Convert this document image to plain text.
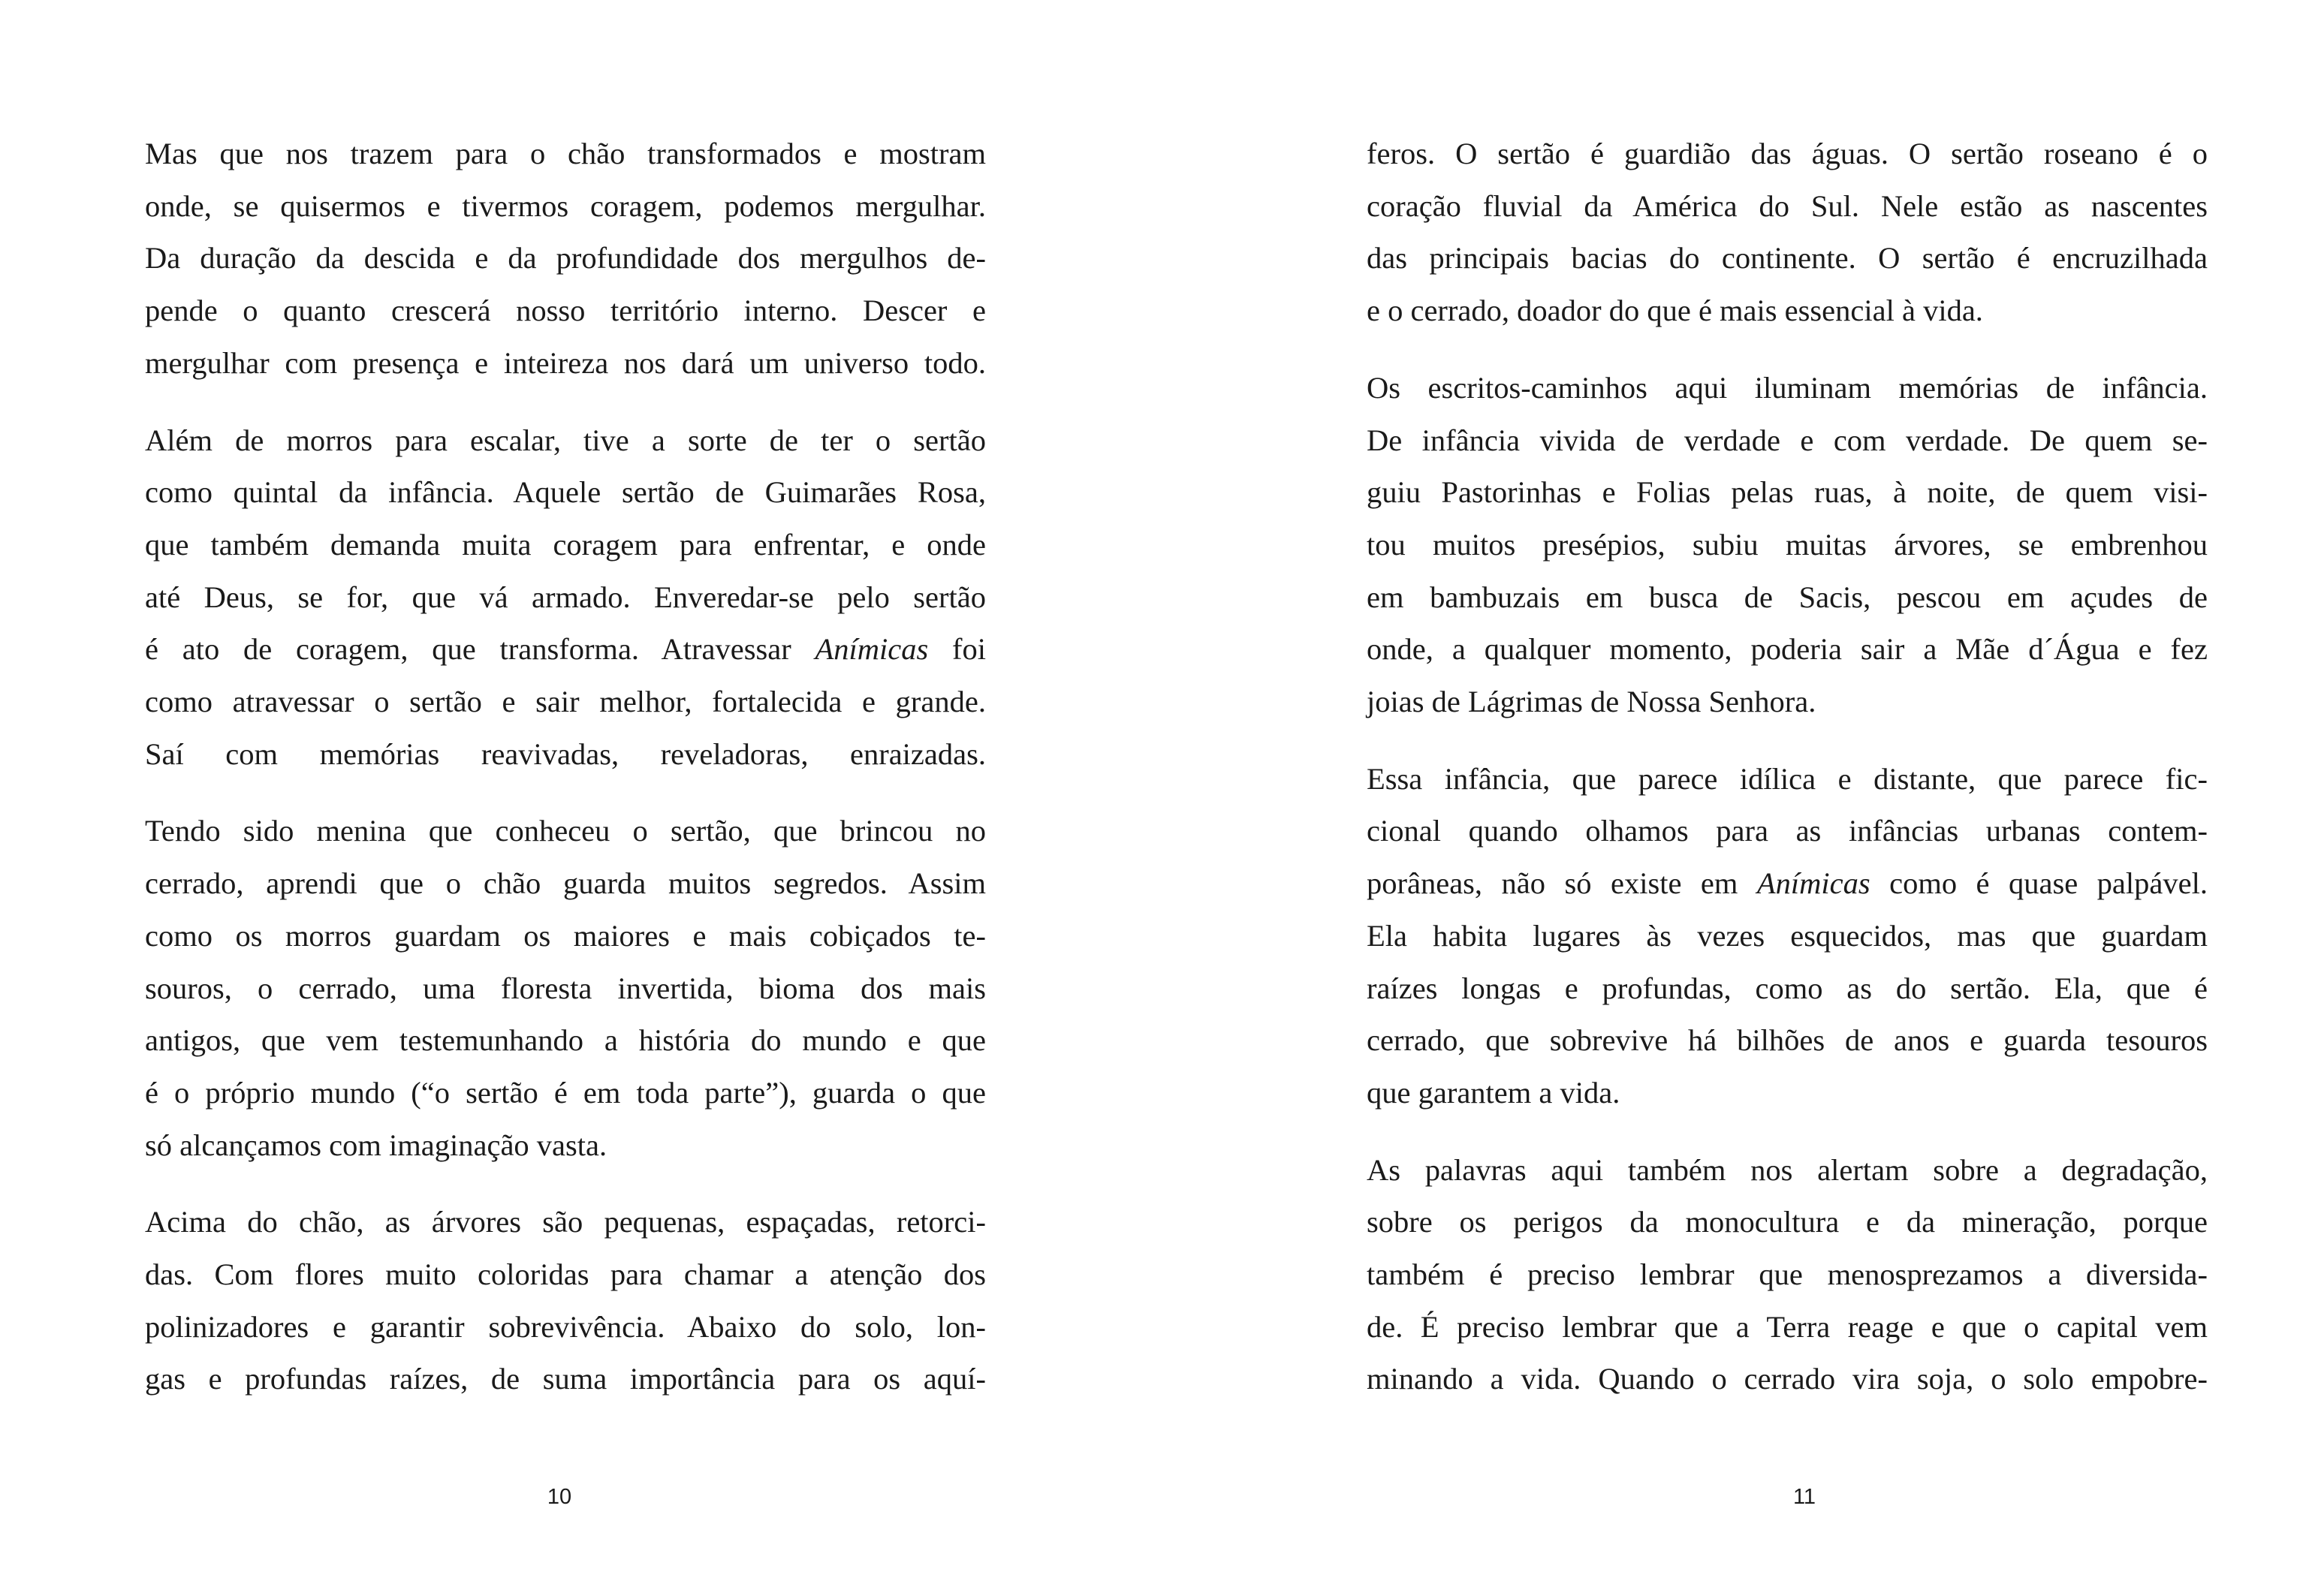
Mas que nos trazem para o chão transformados e mostram
onde, se quisermos e tivermos coragem, podemos mergulhar.
Da duração da descida e da profundidade dos mergulhos de-
pende o quanto crescerá nosso território interno. Descer e
mergulhar com presença e inteireza nos dará um universo todo.

Além de morros para escalar, tive a sorte de ter o sertão
como quintal da infância. Aquele sertão de Guimarães Rosa,
que também demanda muita coragem para enfrentar, e onde
até Deus, se for, que vá armado. Enveredar-se pelo sertão
é ato de coragem, que transforma. Atravessar Anímicas foi
como atravessar o sertão e sair melhor, fortalecida e grande.
Saí com memórias reavivadas, reveladoras, enraizadas.

Tendo sido menina que conheceu o sertão, que brincou no
cerrado, aprendi que o chão guarda muitos segredos. Assim
como os morros guardam os maiores e mais cobiçados te-
souros, o cerrado, uma floresta invertida, bioma dos mais
antigos, que vem testemunhando a história do mundo e que
é o próprio mundo (“o sertão é em toda parte”), guarda o que
só alcançamos com imaginação vasta.

Acima do chão, as árvores são pequenas, espaçadas, retorci-
das. Com flores muito coloridas para chamar a atenção dos
polinizadores e garantir sobrevivência. Abaixo do solo, lon-
gas e profundas raízes, de suma importância para os aquí-

10

feros. O sertão é guardião das águas. O sertão roseano é o
coração fluvial da América do Sul. Nele estão as nascentes
das principais bacias do continente. O sertão é encruzilhada
e o cerrado, doador do que é mais essencial à vida.

Os escritos-caminhos aqui iluminam memórias de infância.
De infância vivida de verdade e com verdade. De quem se-
guiu Pastorinhas e Folias pelas ruas, à noite, de quem visi-
tou muitos presépios, subiu muitas árvores, se embrenhou
em bambuzais em busca de Sacis, pescou em açudes de
onde, a qualquer momento, poderia sair a Mãe d´Água e fez
joias de Lágrimas de Nossa Senhora.

Essa infância, que parece idílica e distante, que parece fic-
cional quando olhamos para as infâncias urbanas contem-
porâneas, não só existe em Anímicas como é quase palpável.
Ela habita lugares às vezes esquecidos, mas que guardam
raízes longas e profundas, como as do sertão. Ela, que é
cerrado, que sobrevive há bilhões de anos e guarda tesouros
que garantem a vida.

As palavras aqui também nos alertam sobre a degradação,
sobre os perigos da monocultura e da mineração, porque
também é preciso lembrar que menosprezamos a diversida-
de. É preciso lembrar que a Terra reage e que o capital vem
minando a vida. Quando o cerrado vira soja, o solo empobre-

11
